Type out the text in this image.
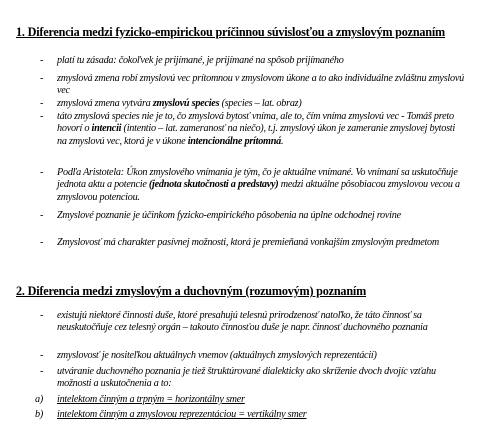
1. Diferencia medzi fyzicko-empirickou príčinnou súvislosťou a zmyslovým poznaním
- platí tu zásada: čokoľvek je prijímané, je prijímané na spôsob prijímaného
- zmyslová zmena robí zmyslovú vec prítomnou v zmyslovom úkone a to ako individuálne zvláštnu zmyslovú vec
- zmyslová zmena vytvára zmyslovú species (species – lat. obraz)
- táto zmyslová species nie je to, čo zmyslová bytosť vníma, ale to, čím vníma zmyslovú vec - Tomáš preto hovorí o intencii (intentio – lat. zameranosť na niečo), t.j. zmyslový úkon je zameranie zmyslovej bytosti na zmyslovú vec, ktorá je v úkone intencionálne prítomná.
- Podľa Aristotela: Úkon zmyslového vnímania je tým, čo je aktuálne vnímané. Vo vnímaní sa uskutočňuje jednota aktu a potencie (jednota skutočnosti a predstavy) medzi aktuálne pôsobiacou zmyslovou vecou a zmyslovou potenciou.
- Zmyslové poznanie je účinkom fyzicko-empirického pôsobenia na úplne odchodnej rovine
- Zmyslovosť má charakter pasívnej možnosti, ktorá je premieňaná vonkajším zmyslovým predmetom
2. Diferencia medzi zmyslovým a duchovným (rozumovým) poznaním
- existujú niektoré činnosti duše, ktoré presahujú telesnú prirodzenosť natoľko, že táto činnosť sa neuskutočňuje cez telesný orgán – takouto činnosťou duše je napr. činnosť duchovného poznania
- zmyslovosť je nositeľkou aktuálnych vnemov (aktuálnych zmyslových reprezentácií)
- utváranie duchovného poznania je tiež štruktúrované dialekticky ako skríženie dvoch dvojíc vzťahu možnosti a uskutočnenia a to:
a) intelektom činným a trpným = horizontálny smer
b) intelektom činným a zmyslovou reprezentáciou = vertikálny smer
